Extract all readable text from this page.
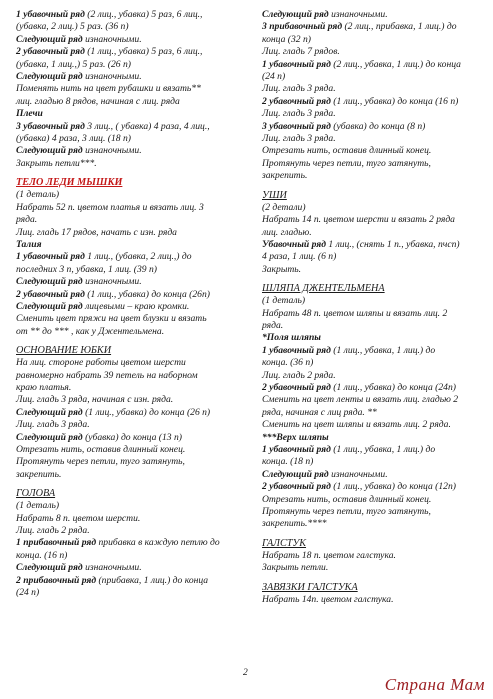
1 убавочный ряд (2 лиц., убавка) 5 раз, 6 лиц.,
(убавка, 2 лиц.) 5 раз. (36 п)
Следующий ряд изнаночными.
2 убавочный ряд (1 лиц., убавка) 5 раз, 6 лиц.,
(убавка, 1 лиц.,) 5 раз. (26 п)
Следующий ряд изнаночными.
Поменять нить на цвет рубашки и вязать**
лиц. гладью 8 рядов, начиная с лиц. ряда
Плечи
3 убавочный ряд 3 лиц., ( убавка) 4 раза, 4 лиц.,
(убавка) 4 раза, 3 лиц. (18 п)
Следующий ряд изнаночными.
Закрыть петли***.
ТЕЛО ЛЕДИ МЫШКИ
(1 деталь)
Набрать 52 п. цветом платья и вязать лиц. 3
ряда.
Лиц. гладь 17 рядов, начать с изн. ряда
Талия
1 убавочный ряд 1 лиц., (убавка, 2 лиц.,) до
последних 3 п, убавка, 1 лиц. (39 п)
Следующий ряд изнаночными.
2 убавочный ряд (1 лиц., убавка) до конца (26п)
Следующий ряд лицевыми – краю кромки.
Сменить цвет пряжи на цвет блузки и вязать
от ** до *** , как у Джентельмена.
ОСНОВАНИЕ ЮБКИ
На лиц. стороне работы цветом шерсти
равномерно набрать 39 петель на наборном
краю платья.
Лиц. гладь 3 ряда, начиная с изн. ряда.
Следующий ряд (1 лиц., убавка) до конца (26 п)
Лиц. гладь 3 ряда.
Следующий ряд (убавка) до конца (13 п)
Отрезать нить, оставив длинный конец.
Протянуть через петли, туго затянуть,
закрепить.
ГОЛОВА
(1 деталь)
Набрать 8 п. цветом шерсти.
Лиц. гладь 2 ряда.
1 прибавочный ряд прибавка в каждую петлю до
конца. (16 п)
Следующий ряд изнаночными.
2 прибавочный ряд (прибавка, 1 лиц.) до конца
(24 п)
Следующий ряд изнаночными.
3 прибавочный ряд (2 лиц., прибавка, 1 лиц.) до
конца (32 п)
Лиц. гладь 7 рядов.
1 убавочный ряд (2 лиц., убавка, 1 лиц.) до конца
(24 п)
Лиц. гладь 3 ряда.
2 убавочный ряд (1 лиц., убавка) до конца (16 п)
Лиц. гладь 3 ряда.
3 убавочный ряд (убавка) до конца (8 п)
Лиц. гладь 3 ряда.
Отрезать нить, оставив длинный конец.
Протянуть через петли, туго затянуть,
закрепить.
УШИ
(2 детали)
Набрать 14 п. цветом шерсти и вязать 2 ряда
лиц. гладью.
Убавочный ряд 1 лиц., (снять 1 п., убавка, пчсп)
4 раза, 1 лиц. (6 п)
Закрыть.
ШЛЯПА ДЖЕНТЕЛЬМЕНА
(1 деталь)
Набрать 48 п. цветом шляпы и вязать лиц. 2
ряда.
*Поля шляпы
1 убавочный ряд (1 лиц., убавка, 1 лиц.) до
конца. (36 п)
Лиц. гладь 2 ряда.
2 убавочный ряд (1 лиц., убавка) до конца (24п)
Сменить на цвет ленты и вязать лиц. гладью 2
ряда, начиная с лиц ряда. **
Сменить на цвет шляпы и вязать лиц. 2 ряда.
***Верх шляпы
1 убавочный ряд (1 лиц., убавка, 1 лиц.) до
конца. (18 п)
Следующий ряд изнаночными.
2 убавочный ряд (1 лиц., убавка) до конца (12п)
Отрезать нить, оставив длинный конец.
Протянуть через петли, туго затянуть,
закрепить.****
ГАЛСТУК
Набрать 18 п. цветом галстука.
Закрыть петли.
ЗАВЯЗКИ ГАЛСТУКА
Набрать 14п. цветом галстука.
2
Страна Мам
